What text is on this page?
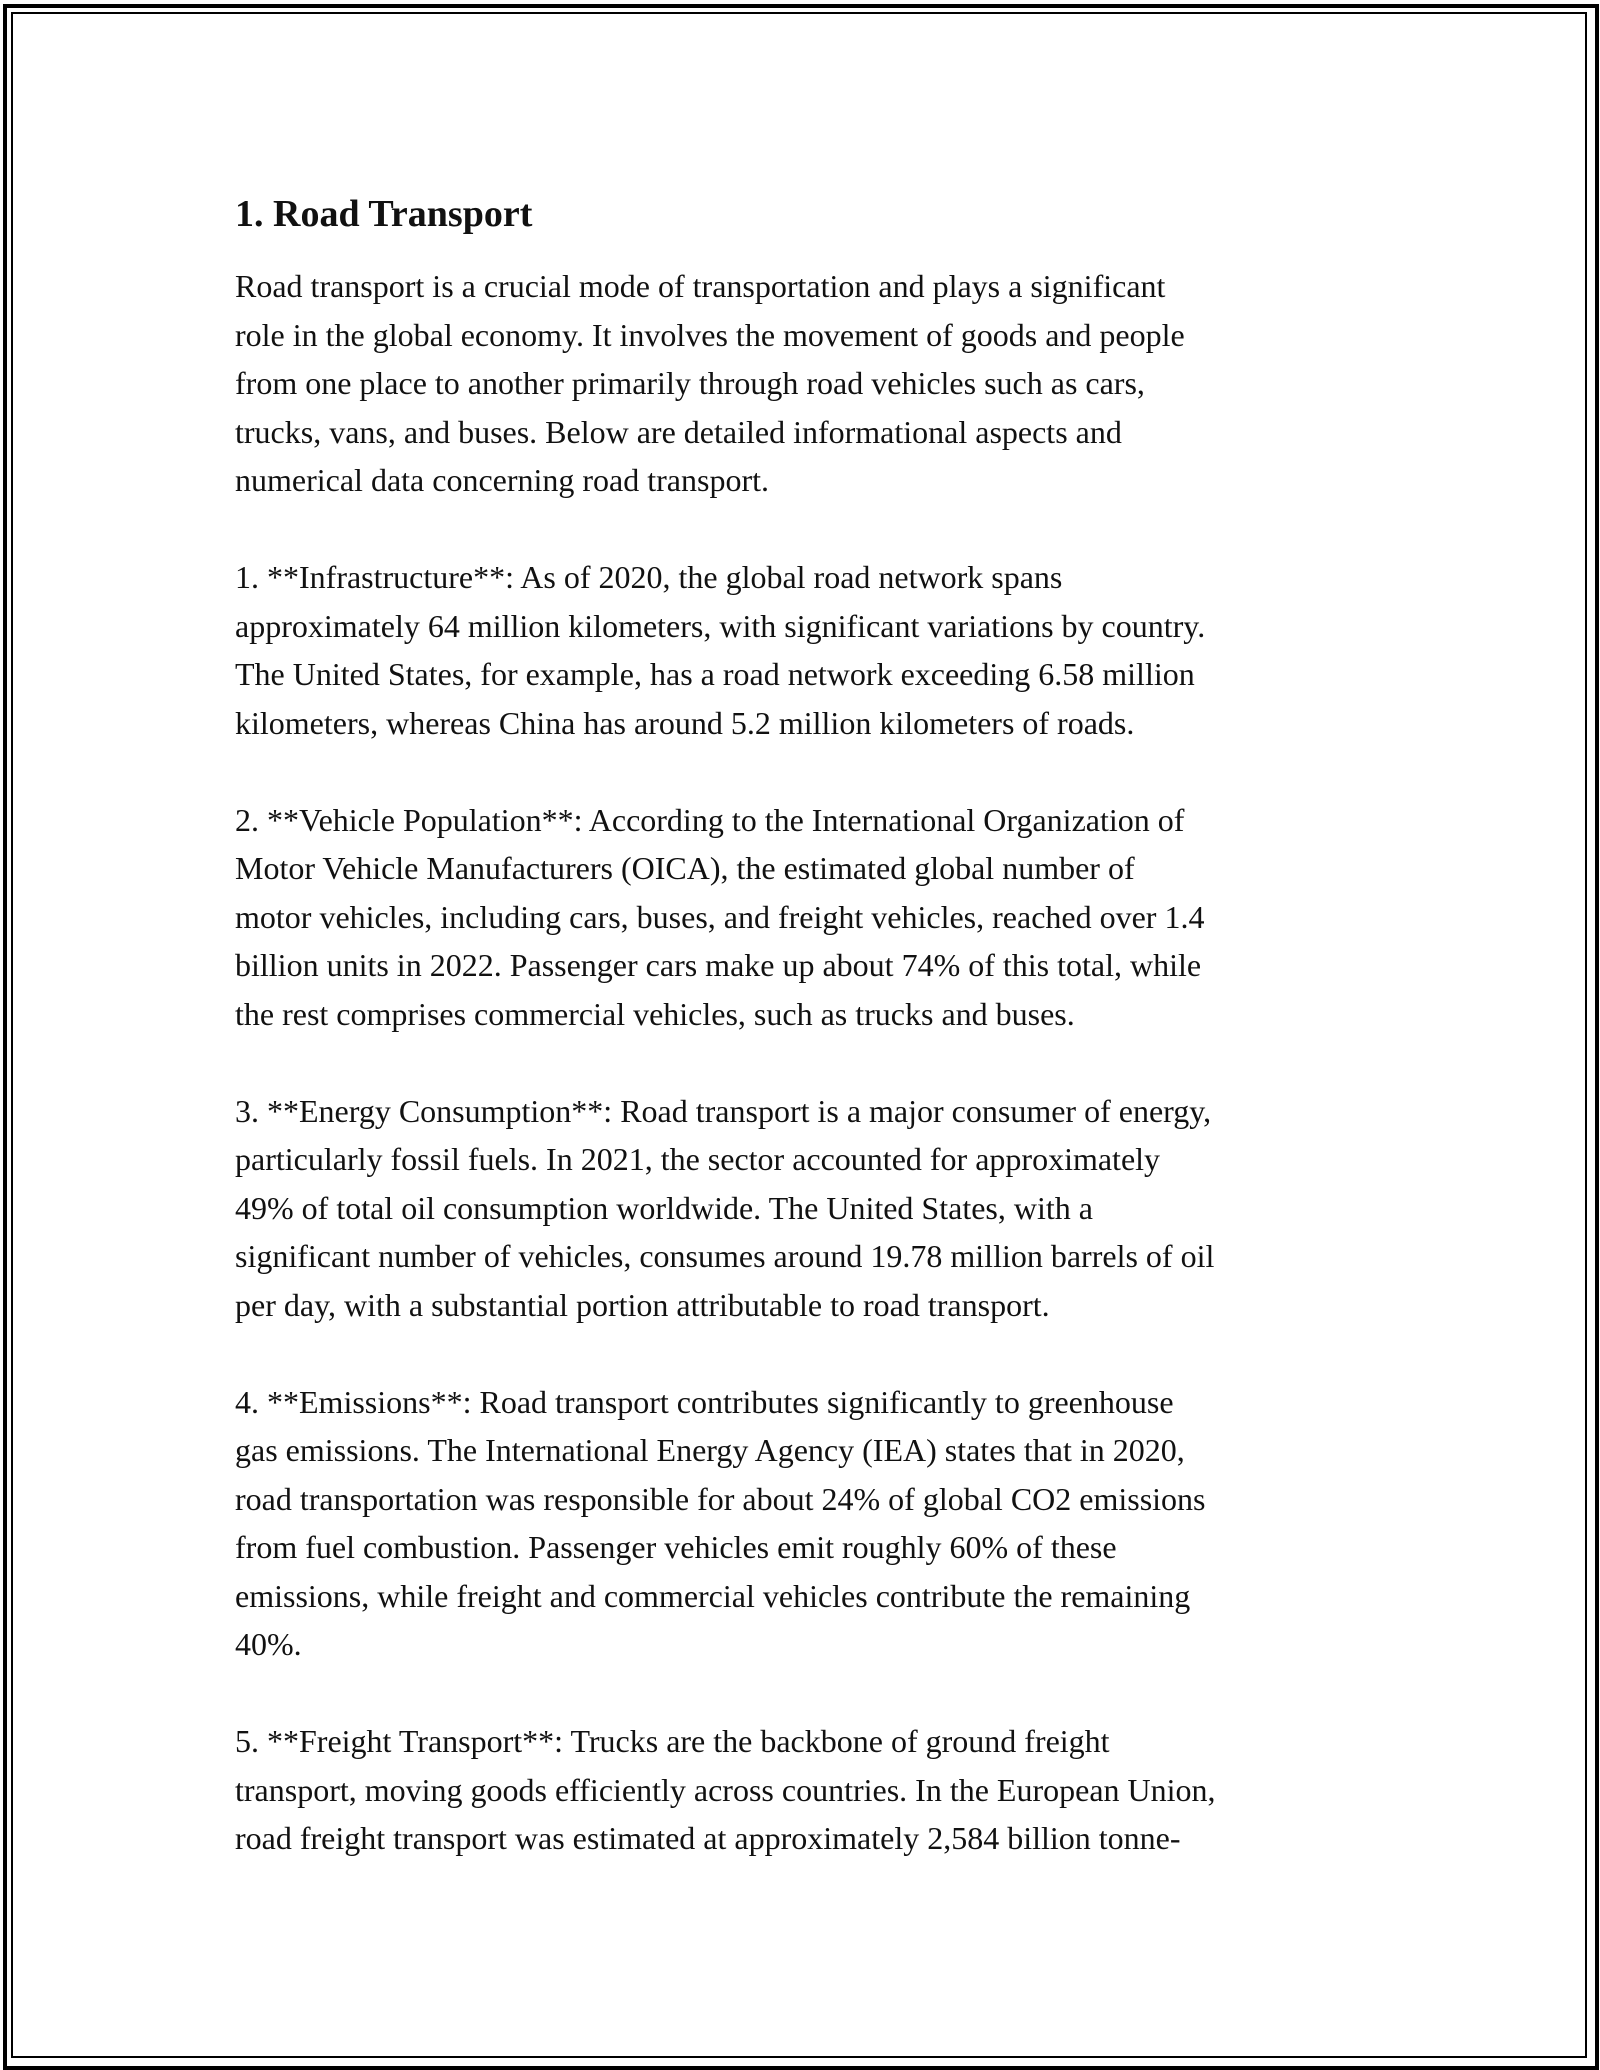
1. Road Transport

Road transport is a crucial mode of transportation and plays a significant
role in the global economy. It involves the movement of goods and people
from one place to another primarily through road vehicles such as cars,
trucks, vans, and buses. Below are detailed informational aspects and
numerical data concerning road transport.

1. **Infrastructure**: As of 2020, the global road network spans
approximately 64 million kilometers, with significant variations by country.
The United States, for example, has a road network exceeding 6.58 million
kilometers, whereas China has around 5.2 million kilometers of roads.

2. **Vehicle Population**: According to the International Organization of
Motor Vehicle Manufacturers (OICA), the estimated global number of
motor vehicles, including cars, buses, and freight vehicles, reached over 1.4
billion units in 2022. Passenger cars make up about 74% of this total, while
the rest comprises commercial vehicles, such as trucks and buses.

3. **Energy Consumption**: Road transport is a major consumer of energy,
particularly fossil fuels. In 2021, the sector accounted for approximately
49% of total oil consumption worldwide. The United States, with a
significant number of vehicles, consumes around 19.78 million barrels of oil
per day, with a substantial portion attributable to road transport.

4. **Emissions**: Road transport contributes significantly to greenhouse
gas emissions. The International Energy Agency (IEA) states that in 2020,
road transportation was responsible for about 24% of global CO2 emissions
from fuel combustion. Passenger vehicles emit roughly 60% of these
emissions, while freight and commercial vehicles contribute the remaining
40%.

5. **Freight Transport**: Trucks are the backbone of ground freight
transport, moving goods efficiently across countries. In the European Union,
road freight transport was estimated at approximately 2,584 billion tonne-
